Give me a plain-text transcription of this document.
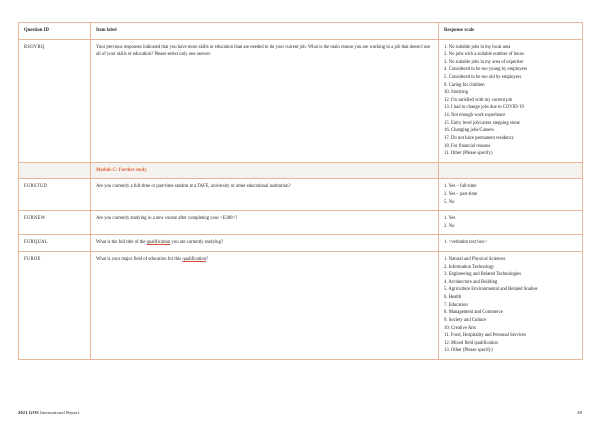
Question ID	Item label	Response scale
RSOVRQ	Your previous responses indicated that you have more skills or education than are needed to do your current job. What is the main reason you are working in a job that doesn't use all of your skills or education? Please select only one answer.

1. No suitable jobs in my local area
2. No jobs with a suitable number of hours
3. No suitable jobs in my area of expertise
4. Considered to be too young by employers
5. Considered to be too old by employers
9. Caring for children
10. Studying
12. I'm satisfied with my current job
13. I had to change jobs due to COVID-19
14. Not enough work experience
15. Entry level job/career stepping stone
16. Changing jobs/Careers
17. Do not have permanent residency
18. For financial reasons
11. Other (Please specify)

	Module C: Further study	
FURSTUD	Are you currently a full-time or part-time student at a TAFE, university or other educational institution?	1. Yes – full-time
2. Yes – part-time
5. No

FURNEW	Are you currently studying in a new course after completing your <E308>?	1. Yes
2. No

FURQUAL	What is the full title of the qualification you are currently studying?	1. <verbatim text box>

FUROE	What is your major field of education for this qualification?	1. Natural and Physical Sciences
2. Information Technology
3. Engineering and Related Technologies
4. Architecture and Building
5. Agriculture Environmental and Related Studies
6. Health
7. Education
8. Management and Commerce
9. Society and Culture
10. Creative Arts
11. Food, Hospitality and Personal Services
12. Mixed field qualification
13. Other (Please specify)
2021 GOS International Report	48
